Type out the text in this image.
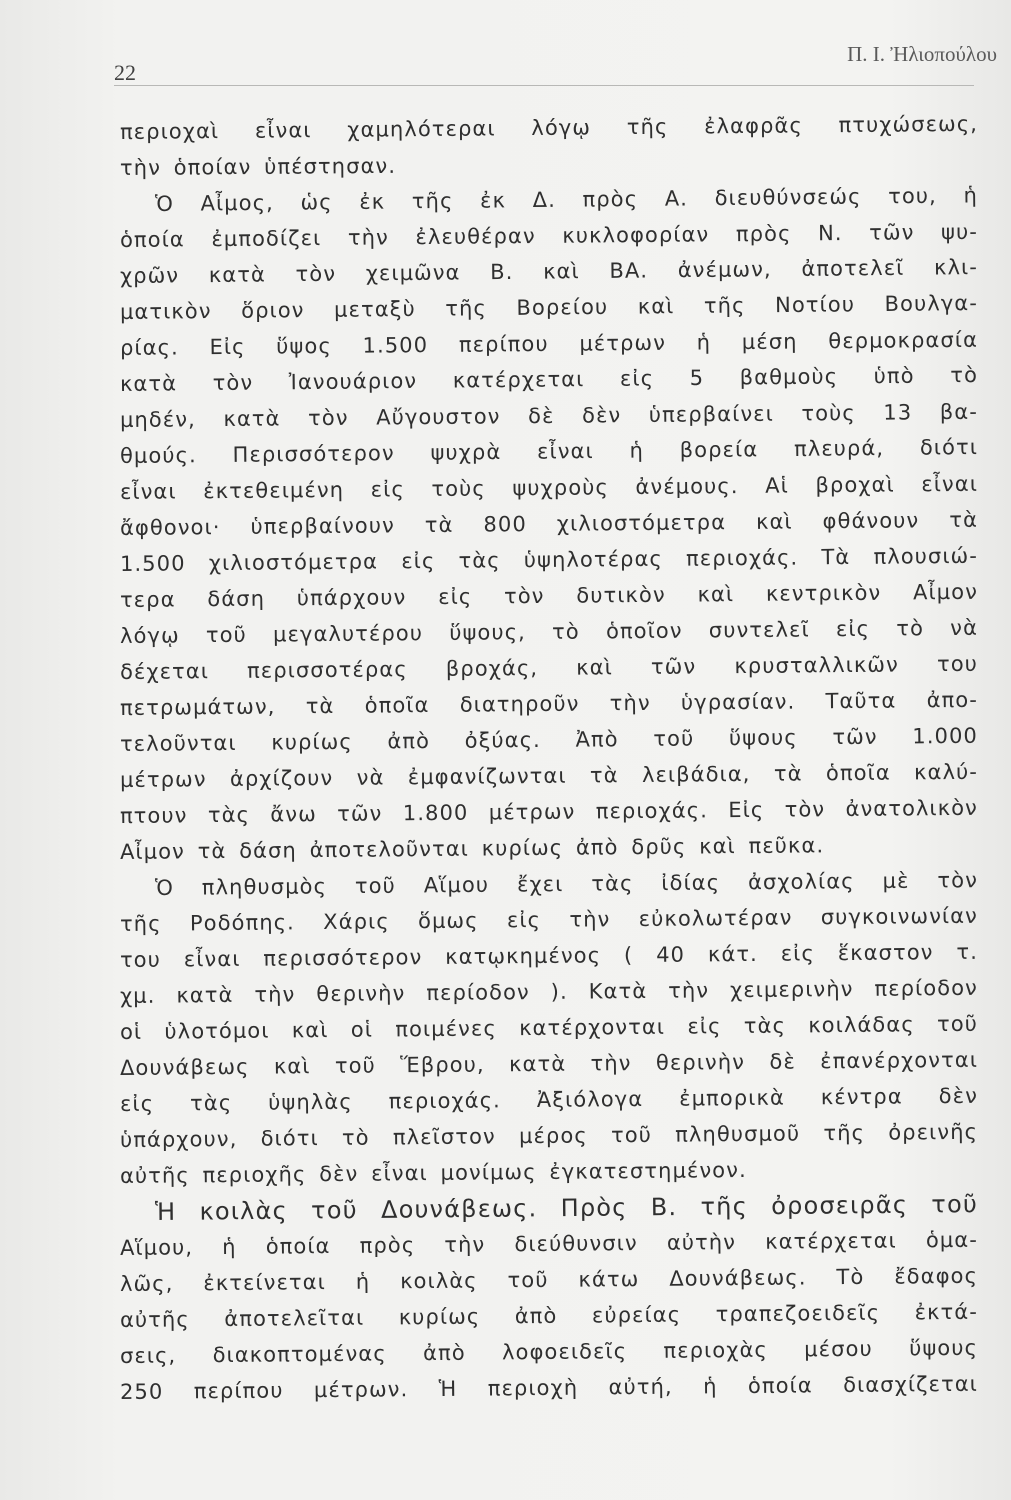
22
Π. Ι. Ἠλιοπούλου
περιοχαὶ εἶναι χαμηλότεραι λόγῳ τῆς ἐλαφρᾶς πτυχώσεως,
τὴν ὁποίαν ὑπέστησαν.
Ὁ Αἶμος, ὡς ἐκ τῆς ἐκ Δ. πρὸς Α. διευθύνσεώς του, ἡ
ὁποία ἐμποδίζει τὴν ἐλευθέραν κυκλοφορίαν πρὸς Ν. τῶν ψυ-
χρῶν κατὰ τὸν χειμῶνα Β. καὶ ΒΑ. ἀνέμων, ἀποτελεῖ κλι-
ματικὸν ὅριον μεταξὺ τῆς Βορείου καὶ τῆς Νοτίου Βουλγα-
ρίας. Εἰς ὕψος 1.500 περίπου μέτρων ἡ μέση θερμοκρασία
κατὰ τὸν Ἰανουάριον κατέρχεται εἰς 5 βαθμοὺς ὑπὸ τὸ
μηδέν, κατὰ τὸν Αὔγουστον δὲ δὲν ὑπερβαίνει τοὺς 13 βα-
θμούς. Περισσότερον ψυχρὰ εἶναι ἡ βορεία πλευρά, διότι
εἶναι ἐκτεθειμένη εἰς τοὺς ψυχροὺς ἀνέμους. Αἱ βροχαὶ εἶναι
ἄφθονοι· ὑπερβαίνουν τὰ 800 χιλιοστόμετρα καὶ φθάνουν τὰ
1.500 χιλιοστόμετρα εἰς τὰς ὑψηλοτέρας περιοχάς. Τὰ πλουσιώ-
τερα δάση ὑπάρχουν εἰς τὸν δυτικὸν καὶ κεντρικὸν Αἶμον
λόγῳ τοῦ μεγαλυτέρου ὕψους, τὸ ὁποῖον συντελεῖ εἰς τὸ νὰ
δέχεται περισσοτέρας βροχάς, καὶ τῶν κρυσταλλικῶν του
πετρωμάτων, τὰ ὁποῖα διατηροῦν τὴν ὑγρασίαν. Ταῦτα ἀπο-
τελοῦνται κυρίως ἀπὸ ὀξύας. Ἀπὸ τοῦ ὕψους τῶν 1.000
μέτρων ἀρχίζουν νὰ ἐμφανίζωνται τὰ λειβάδια, τὰ ὁποῖα καλύ-
πτουν τὰς ἄνω τῶν 1.800 μέτρων περιοχάς. Εἰς τὸν ἀνατολικὸν
Αἶμον τὰ δάση ἀποτελοῦνται κυρίως ἀπὸ δρῦς καὶ πεῦκα.
Ὁ πληθυσμὸς τοῦ Αἵμου ἔχει τὰς ἰδίας ἀσχολίας μὲ τὸν
τῆς Ροδόπης. Χάρις ὅμως εἰς τὴν εὐκολωτέραν συγκοινωνίαν
του εἶναι περισσότερον κατῳκημένος ( 40 κάτ. εἰς ἕκαστον τ.
χμ. κατὰ τὴν θερινὴν περίοδον ). Κατὰ τὴν χειμερινὴν περίοδον
οἱ ὑλοτόμοι καὶ οἱ ποιμένες κατέρχονται εἰς τὰς κοιλάδας τοῦ
Δουνάβεως καὶ τοῦ Ἕβρου, κατὰ τὴν θερινὴν δὲ ἐπανέρχονται
εἰς τὰς ὑψηλὰς περιοχάς. Ἀξιόλογα ἐμπορικὰ κέντρα δὲν
ὑπάρχουν, διότι τὸ πλεῖστον μέρος τοῦ πληθυσμοῦ τῆς ὀρεινῆς
αὐτῆς περιοχῆς δὲν εἶναι μονίμως ἐγκατεστημένον.
Ἡ κοιλὰς τοῦ Δουνάβεως. Πρὸς Β. τῆς ὀροσειρᾶς τοῦ
Αἵμου, ἡ ὁποία πρὸς τὴν διεύθυνσιν αὐτὴν κατέρχεται ὁμα-
λῶς, ἐκτείνεται ἡ κοιλὰς τοῦ κάτω Δουνάβεως. Τὸ ἔδαφος
αὐτῆς ἀποτελεῖται κυρίως ἀπὸ εὐρείας τραπεζοειδεῖς ἐκτά-
σεις, διακοπτομένας ἀπὸ λοφοειδεῖς περιοχὰς μέσου ὕψους
250 περίπου μέτρων. Ἡ περιοχὴ αὐτή, ἡ ὁποία διασχίζεται
